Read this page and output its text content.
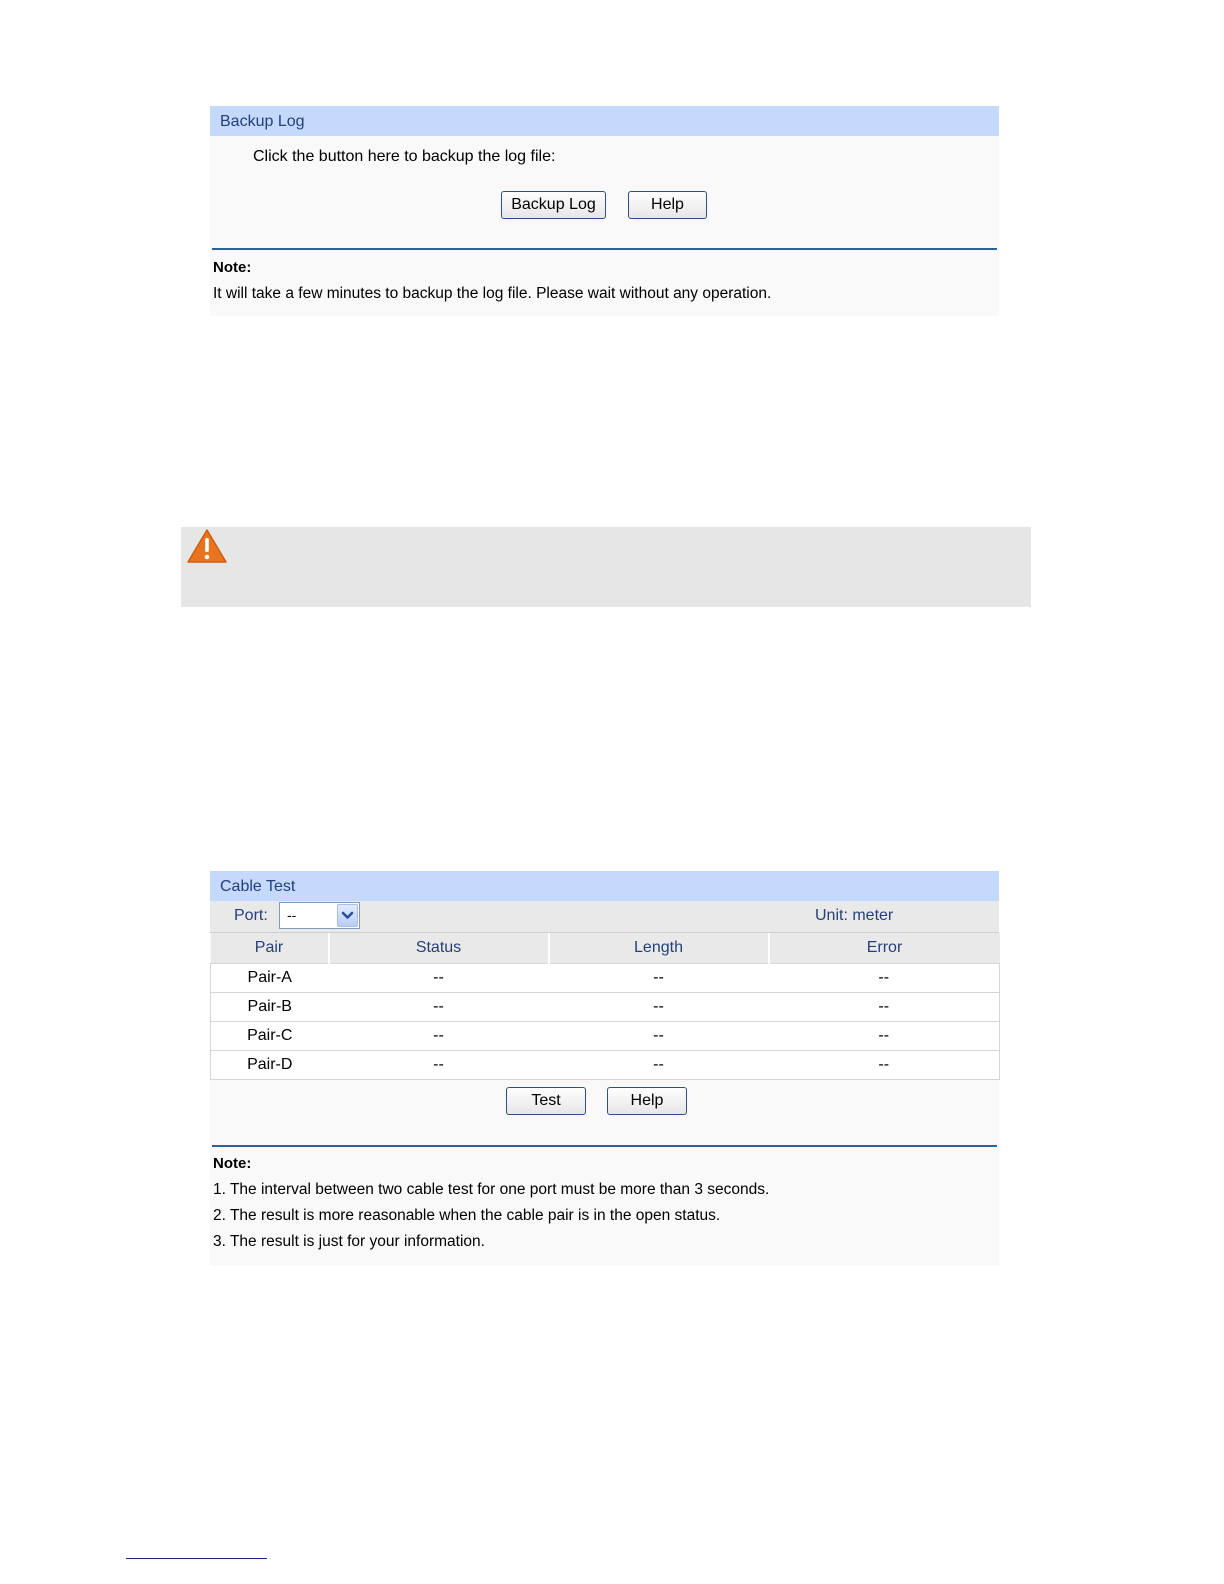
Backup Log
Click the button here to backup the log file:
Backup Log	Help
Note:
It will take a few minutes to backup the log file. Please wait without any operation.
Cable Test
Port: --	Unit: meter
Pair	Status	Length	Error
Pair-A	--	--	--
Pair-B	--	--	--
Pair-C	--	--	--
Pair-D	--	--	--
Test	Help
Note:
1. The interval between two cable test for one port must be more than 3 seconds.
2. The result is more reasonable when the cable pair is in the open status.
3. The result is just for your information.
